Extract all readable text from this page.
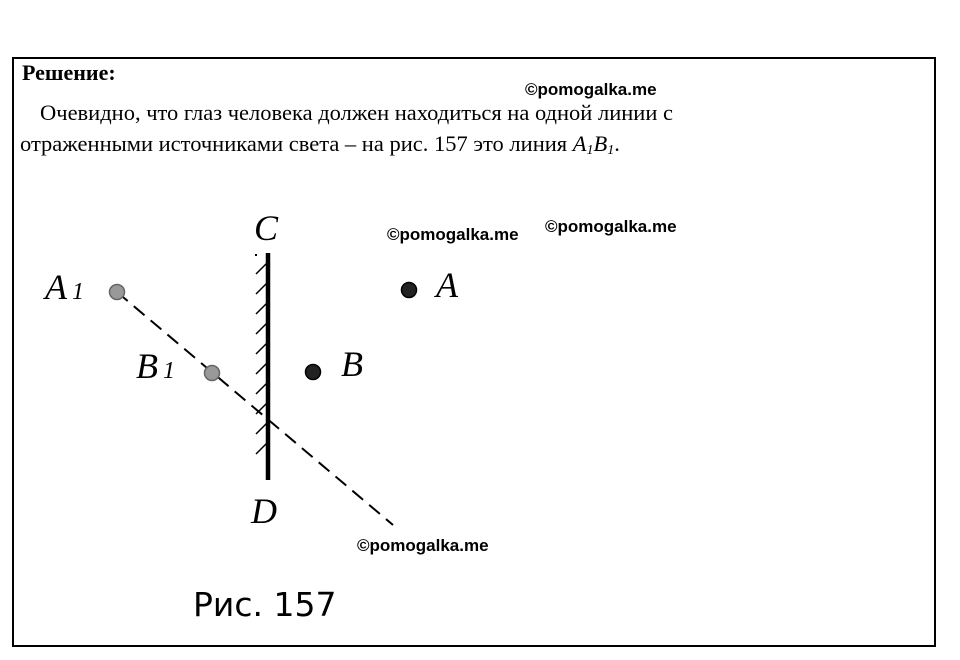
Решение:
Очевидно, что глаз человека должен находиться на одной линии с
отраженными источниками света – на рис. 157 это линия $A_1B_1$.
©pomogalka.me
©pomogalka.me ©pomogalka.me
©pomogalka.me
C
D
A
B
A 1
B 1
Рис. 157
